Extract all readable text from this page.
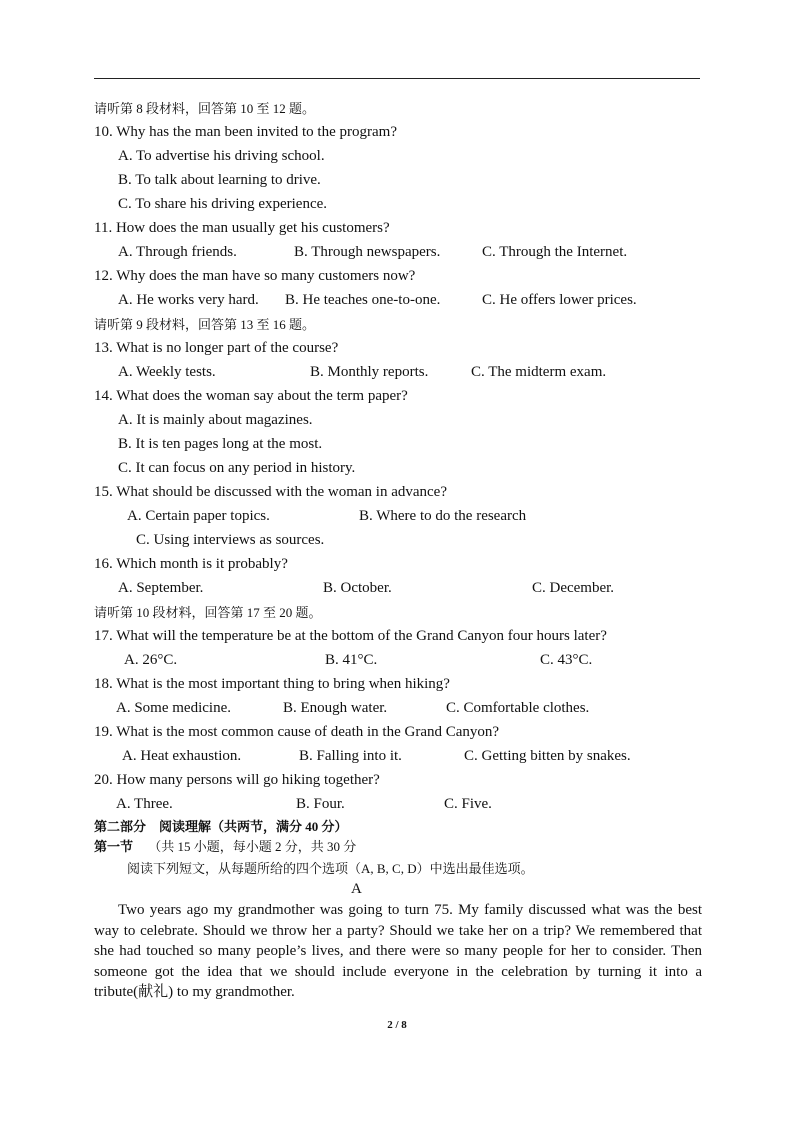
请听第 8 段材料，回答第 10 至 12 题。
10. Why has the man been invited to the program?
A. To advertise his driving school.
B. To talk about learning to drive.
C. To share his driving experience.
11. How does the man usually get his customers?
A. Through friends.	B. Through newspapers.	C. Through the Internet.
12. Why does the man have so many customers now?
A. He works very hard. B. He teaches one-to-one.	C. He offers lower prices.
请听第 9 段材料，回答第 13 至 16 题。
13. What is no longer part of the course?
A. Weekly tests.	B. Monthly reports.	C. The midterm exam.
14. What does the woman say about the term paper?
A. It is mainly about magazines.
B. It is ten pages long at the most.
C. It can focus on any period in history.
15. What should be discussed with the woman in advance?
A. Certain paper topics.	B. Where to do the research
C. Using interviews as sources.
16. Which month is it probably?
A. September.	B. October.	C. December.
请听第 10 段材料，回答第 17 至 20 题。
17. What will the temperature be at the bottom of the Grand Canyon four hours later?
A. 26°C.	B. 41°C.	C. 43°C.
18. What is the most important thing to bring when hiking?
A. Some medicine.	B. Enough water.	C. Comfortable clothes.
19. What is the most common cause of death in the Grand Canyon?
A. Heat exhaustion.	B. Falling into it.	C. Getting bitten by snakes.
20. How many persons will go hiking together?
A. Three.	B. Four.	C. Five.
第二部分　阅读理解（共两节，满分 40 分）
第一节 （共 15 小题，每小题 2 分，共 30 分
阅读下列短文，从每题所给的四个选项（A, B, C, D）中选出最佳选项。
A
Two years ago my grandmother was going to turn 75. My family discussed what was the best way to celebrate. Should we throw her a party? Should we take her on a trip? We remembered that she had touched so many people’s lives, and there were so many people for her to consider. Then someone got the idea that we should include everyone in the celebration by turning it into a tribute(献礼) to my grandmother.
2 / 8
